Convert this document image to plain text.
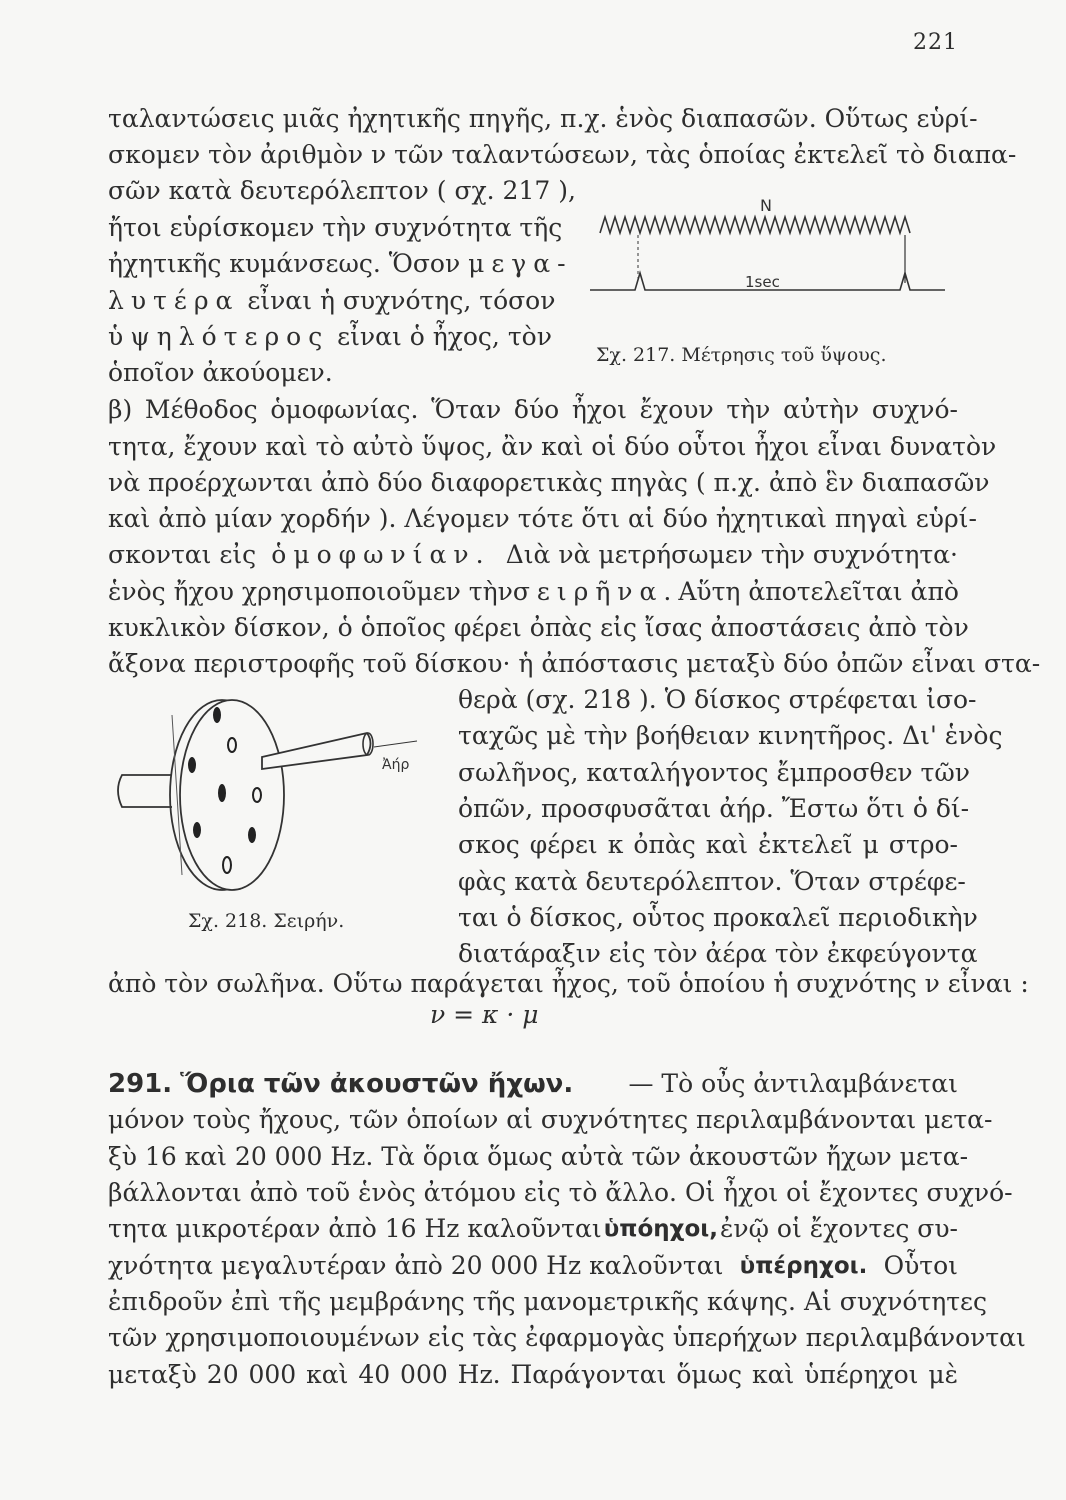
221
ταλαντώσεις μιᾶς ἠχητικῆς πηγῆς, π.χ. ἑνὸς διαπασῶν. Οὕτως εὑρί-
σκομεν τὸν ἀριθμὸν ν τῶν ταλαντώσεων, τὰς ὁποίας ἐκτελεῖ τὸ διαπα-
σῶν κατὰ δευτερόλεπτον ( σχ. 217 ),
ἤτοι εὑρίσκομεν τὴν συχνότητα τῆς
ἠχητικῆς κυμάνσεως. Ὅσον μεγα-
λυτέρα εἶναι ἡ συχνότης, τόσον
ὑψηλότερος εἶναι ὁ ἦχος, τὸν
ὁποῖον ἀκούομεν.
N
1sec
Σχ. 217. Μέτρησις τοῦ ὕψους.
β) Μέθοδος ὁμοφωνίας. Ὅταν δύο ἦχοι ἔχουν τὴν αὐτὴν συχνό-
τητα, ἔχουν καὶ τὸ αὐτὸ ὕψος, ἂν καὶ οἱ δύο οὗτοι ἦχοι εἶναι δυνατὸν
νὰ προέρχωνται ἀπὸ δύο διαφορετικὰς πηγὰς ( π.χ. ἀπὸ ἓν διαπασῶν
καὶ ἀπὸ μίαν χορδήν ). Λέγομεν τότε ὅτι αἱ δύο ἠχητικαὶ πηγαὶ εὑρί-
σκονται εἰς ὁμοφωνίαν. Διὰ νὰ μετρήσωμεν τὴν συχνότητα·
ἑνὸς ἤχου χρησιμοποιοῦμεν τὴν σειρῆνα. Αὕτη ἀποτελεῖται ἀπὸ
κυκλικὸν δίσκον, ὁ ὁποῖος φέρει ὀπὰς εἰς ἴσας ἀποστάσεις ἀπὸ τὸν
ἄξονα περιστροφῆς τοῦ δίσκου· ἡ ἀπόστασις μεταξὺ δύο ὀπῶν εἶναι στα-
θερὰ (σχ. 218 ). Ὁ δίσκος στρέφεται ἰσο-
ταχῶς μὲ τὴν βοήθειαν κινητῆρος. Δι' ἑνὸς
σωλῆνος, καταλήγοντος ἔμπροσθεν τῶν
ὀπῶν, προσφυσᾶται ἀήρ. Ἔστω ὅτι ὁ δί-
σκος φέρει κ ὀπὰς καὶ ἐκτελεῖ μ στρο-
φὰς κατὰ δευτερόλεπτον. Ὅταν στρέφε-
ται ὁ δίσκος, οὗτος προκαλεῖ περιοδικὴν
διατάραξιν εἰς τὸν ἀέρα τὸν ἐκφεύγοντα
Ἀήρ
Σχ. 218. Σειρήν.
ἀπὸ τὸν σωλῆνα. Οὕτω παράγεται ἦχος, τοῦ ὁποίου ἡ συχνότης ν εἶναι :
ν = κ · μ
291. Ὅρια τῶν ἀκουστῶν ἤχων. — Τὸ οὖς ἀντιλαμβάνεται
μόνον τοὺς ἤχους, τῶν ὁποίων αἱ συχνότητες περιλαμβάνονται μετα-
ξὺ 16 καὶ 20 000 Hz. Τὰ ὅρια ὅμως αὐτὰ τῶν ἀκουστῶν ἤχων μετα-
βάλλονται ἀπὸ τοῦ ἑνὸς ἀτόμου εἰς τὸ ἄλλο. Οἱ ἦχοι οἱ ἔχοντες συχνό-
τητα μικροτέραν ἀπὸ 16 Hz καλοῦνται ὑπόηχοι, ἐνῷ οἱ ἔχοντες συ-
χνότητα μεγαλυτέραν ἀπὸ 20 000 Hz καλοῦνται ὑπέρηχοι. Οὗτοι
ἐπιδροῦν ἐπὶ τῆς μεμβράνης τῆς μανομετρικῆς κάψης. Αἱ συχνότητες
τῶν χρησιμοποιουμένων εἰς τὰς ἐφαρμογὰς ὑπερήχων περιλαμβάνονται
μεταξὺ 20 000 καὶ 40 000 Hz. Παράγονται ὅμως καὶ ὑπέρηχοι μὲ
